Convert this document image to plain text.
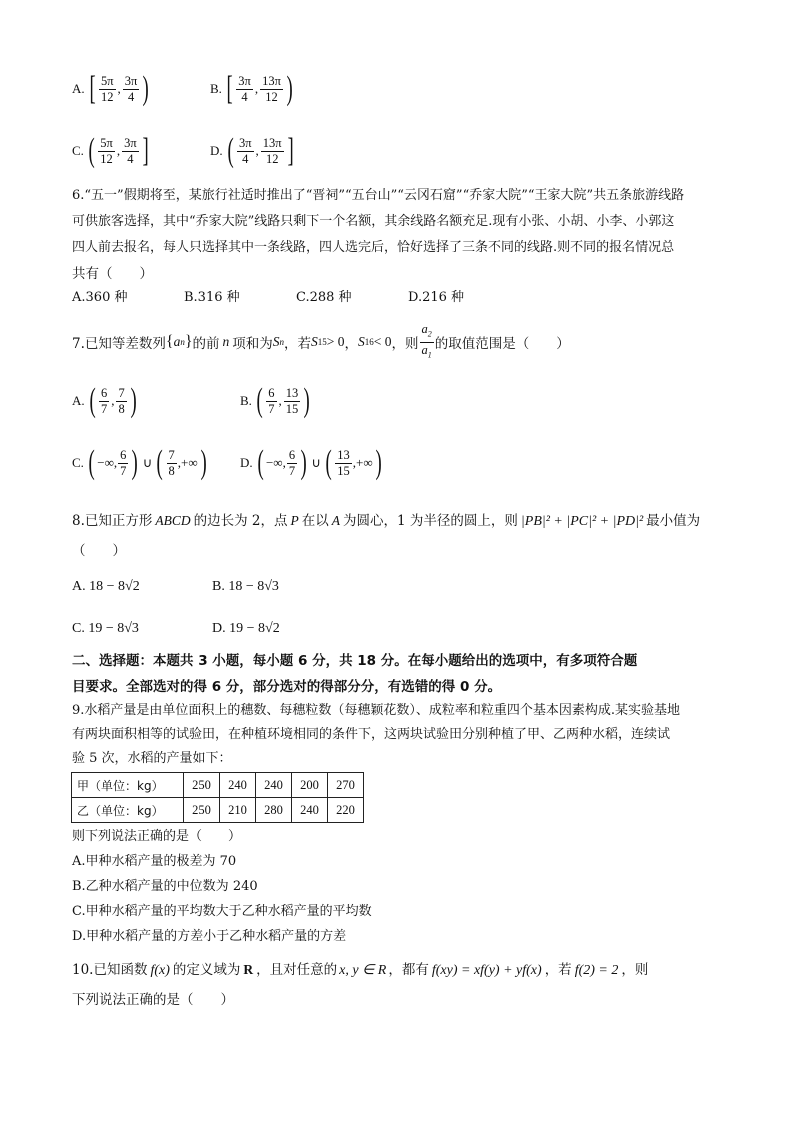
A. [ $\frac{5\pi}{12}$ , $\frac{3\pi}{4}$ )	B. [ $\frac{3\pi}{4}$ , $\frac{13\pi}{12}$ )
C. ( $\frac{5\pi}{12}$ , $\frac{3\pi}{4}$ ]	D. ( $\frac{3\pi}{4}$ , $\frac{13\pi}{12}$ ]
6.“五一”假期将至，某旅行社适时推出了“晋祠”“五台山”“云冈石窟”“乔家大院”“王家大院”共五条旅游线路
可供旅客选择，其中“乔家大院”线路只剩下一个名额，其余线路名额充足.现有小张、小胡、小李、小郭这
四人前去报名，每人只选择其中一条线路，四人选完后，恰好选择了三条不同的线路.则不同的报名情况总
共有（　　）
A.360 种	B.316 种	C.288 种	D.216 种
7.已知等差数列 { a n } 的前 n 项和为 S n ，若 S 15 > 0 ， S 16 < 0 ，则 $\frac{a_2}{a_1}$ 的取值范围是（　　）
A. ( $\frac{6}{7}$ , $\frac{7}{8}$ )	B. ( $\frac{6}{7}$ , $\frac{13}{15}$ )
C. ( −∞, $\frac{6}{7}$ ) ∪ ( $\frac{7}{8}$ ,+∞ )	D. ( −∞, $\frac{6}{7}$ ) ∪ ( $\frac{13}{15}$ ,+∞ )
8.已知正方形 ABCD 的边长为 2，点 P 在以 A 为圆心，1 为半径的圆上，则 |PB|² + |PC|² + |PD|² 最小值为
（　　）
A. 18 − 8√2	B. 18 − 8√3
C. 19 − 8√3	D. 19 − 8√2
二、选择题：本题共 3 小题，每小题 6 分，共 18 分。在每小题给出的选项中，有多项符合题
目要求。全部选对的得 6 分，部分选对的得部分分，有选错的得 0 分。
9.水稻产量是由单位面积上的穗数、每穗粒数（每穗颖花数）、成粒率和粒重四个基本因素构成.某实验基地
有两块面积相等的试验田，在种植环境相同的条件下，这两块试验田分别种植了甲、乙两种水稻，连续试
验 5 次，水稻的产量如下：
甲（单位：kg）	250	240	240	200	270
乙（单位：kg）	250	210	280	240	220
则下列说法正确的是（　　）
A.甲种水稻产量的极差为 70
B.乙种水稻产量的中位数为 240
C.甲种水稻产量的平均数大于乙种水稻产量的平均数
D.甲种水稻产量的方差小于乙种水稻产量的方差
10.已知函数 f(x) 的定义域为 R ，且对任意的 x, y ∈ R ，都有 f(xy) = xf(y) + yf(x) ，若 f(2) = 2 ，则
下列说法正确的是（　　）
